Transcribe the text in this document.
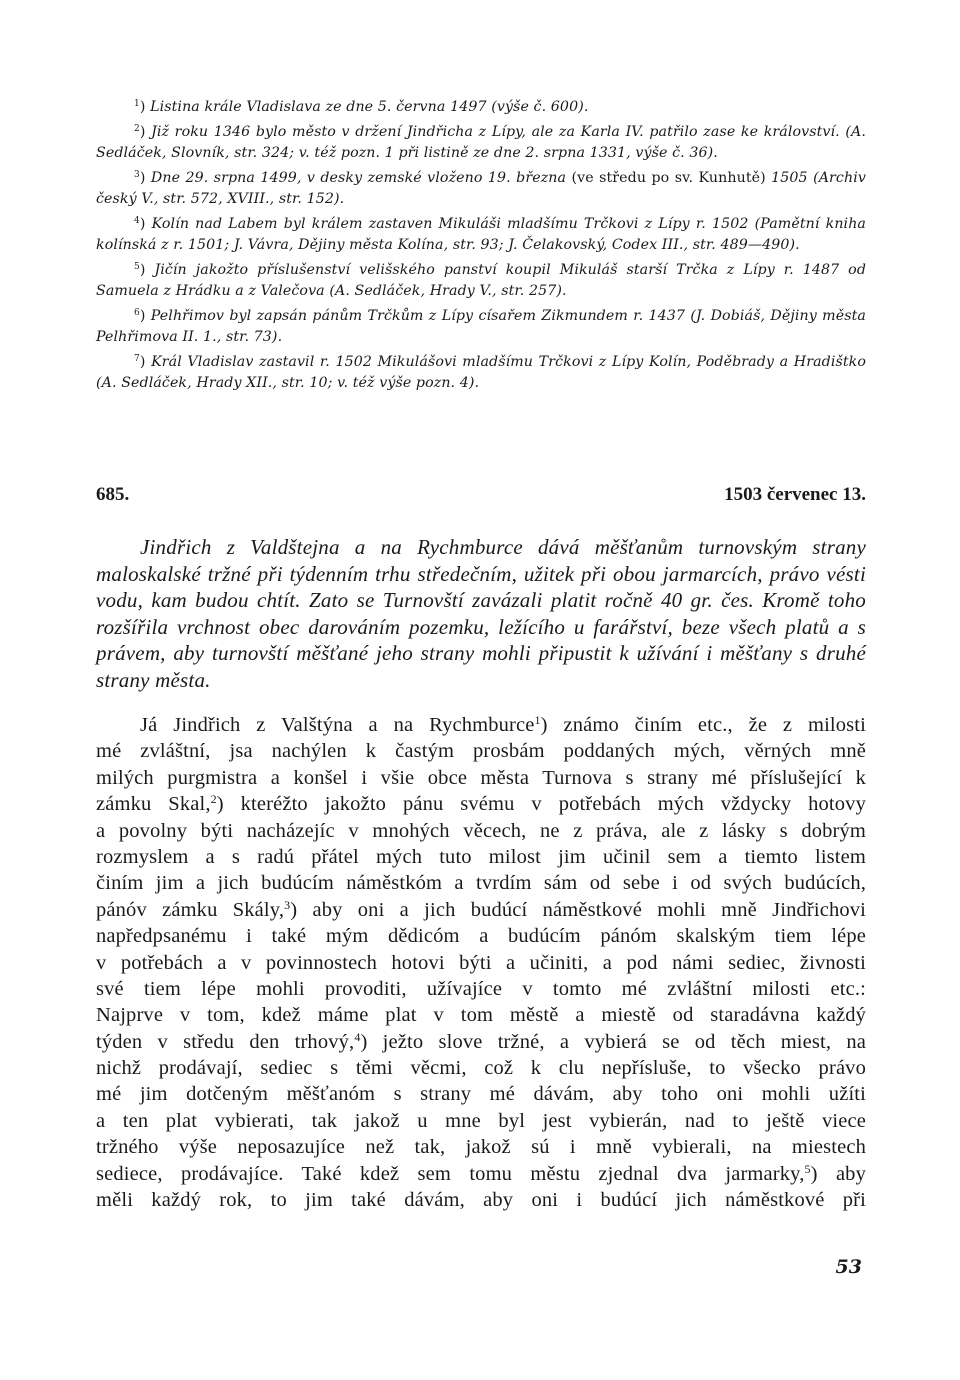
$^1$) Listina krále Vladislava ze dne 5. června 1497 (výše č. 600).

$^2$) Již roku 1346 bylo město v držení Jindřicha z Lípy, ale za Karla IV. patřilo zase ke království. (A. Sedláček, Slovník, str. 324; v. též pozn. 1 při listině ze dne 2. srpna 1331, výše č. 36).

$^3$) Dne 29. srpna 1499, v desky zemské vloženo 19. března (ve středu po sv. Kunhutě) 1505 (Archiv český V., str. 572, XVIII., str. 152).

$^4$) Kolín nad Labem byl králem zastaven Mikuláši mladšímu Trčkovi z Lípy r. 1502 (Pamětní kniha kolínská z r. 1501; J. Vávra, Dějiny města Kolína, str. 93; J. Čelakovský, Codex III., str. 489—490).

$^5$) Jičín jakožto příslušenství velišského panství koupil Mikuláš starší Trčka z Lípy r. 1487 od Samuela z Hrádku a z Valečova (A. Sedláček, Hrady V., str. 257).

$^6$) Pelhřimov byl zapsán pánům Trčkům z Lípy císařem Zikmundem r. 1437 (J. Dobiáš, Dějiny města Pelhřimova II. 1., str. 73).

$^7$) Král Vladislav zastavil r. 1502 Mikulášovi mladšímu Trčkovi z Lípy Kolín, Poděbrady a Hradištko (A. Sedláček, Hrady XII., str. 10; v. též výše pozn. 4).

685.	1503 červenec 13.

Jindřich z Valdštejna a na Rychmburce dává měšťanům turnovským strany maloskalské tržné při týdenním trhu středečním, užitek při obou jarmarcích, právo vésti vodu, kam budou chtít. Zato se Turnovští zavázali platit ročně 40 gr. čes. Kromě toho rozšířila vrchnost obec darováním pozemku, ležícího u farářství, beze všech platů a s právem, aby turnovští měšťané jeho strany mohli připustit k užívání i měšťany s druhé strany města.

Já Jindřich z Valštýna a na Rychmburce$^1$) známo činím etc., že z milosti
mé zvláštní, jsa nachýlen k častým prosbám poddaných mých, věrných mně
milých purgmistra a konšel i všie obce města Turnova s strany mé příslušející k
zámku Skal,$^2$) kteréžto jakožto pánu svému v potřebách mých vždycky hotovy
a povolny býti nacházejíc v mnohých věcech, ne z práva, ale z lásky s dobrým
rozmyslem a s radú přátel mých tuto milost jim učinil sem a tiemto listem
činím jim a jich budúcím náměstkóm a tvrdím sám od sebe i od svých budúcích,
pánóv zámku Skály,$^3$) aby oni a jich budúcí náměstkové mohli mně Jindřichovi
napředpsanému i také mým dědicóm a budúcím pánóm skalským tiem lépe
v potřebách a v povinnostech hotovi býti a učiniti, a pod námi sediec, živnosti
své tiem lépe mohli provoditi, užívajíce v tomto mé zvláštní milosti etc.:
Najprve v tom, kdež máme plat v tom městě a miestě od staradávna každý
týden v středu den trhový,$^4$) ježto slove tržné, a vybierá se od těch miest, na
nichž prodávají, sediec s těmi věcmi, což k clu nepřísluše, to všecko právo
mé jim dotčeným měšťanóm s strany mé dávám, aby toho oni mohli užíti
a ten plat vybierati, tak jakož u mne byl jest vybierán, nad to ještě viece
tržného výše neposazujíce než tak, jakož sú i mně vybierali, na miestech
sediece, prodávajíce. Také kdež sem tomu městu zjednal dva jarmarky,$^5$) aby
měli každý rok, to jim také dávám, aby oni i budúcí jich náměstkové při
53
